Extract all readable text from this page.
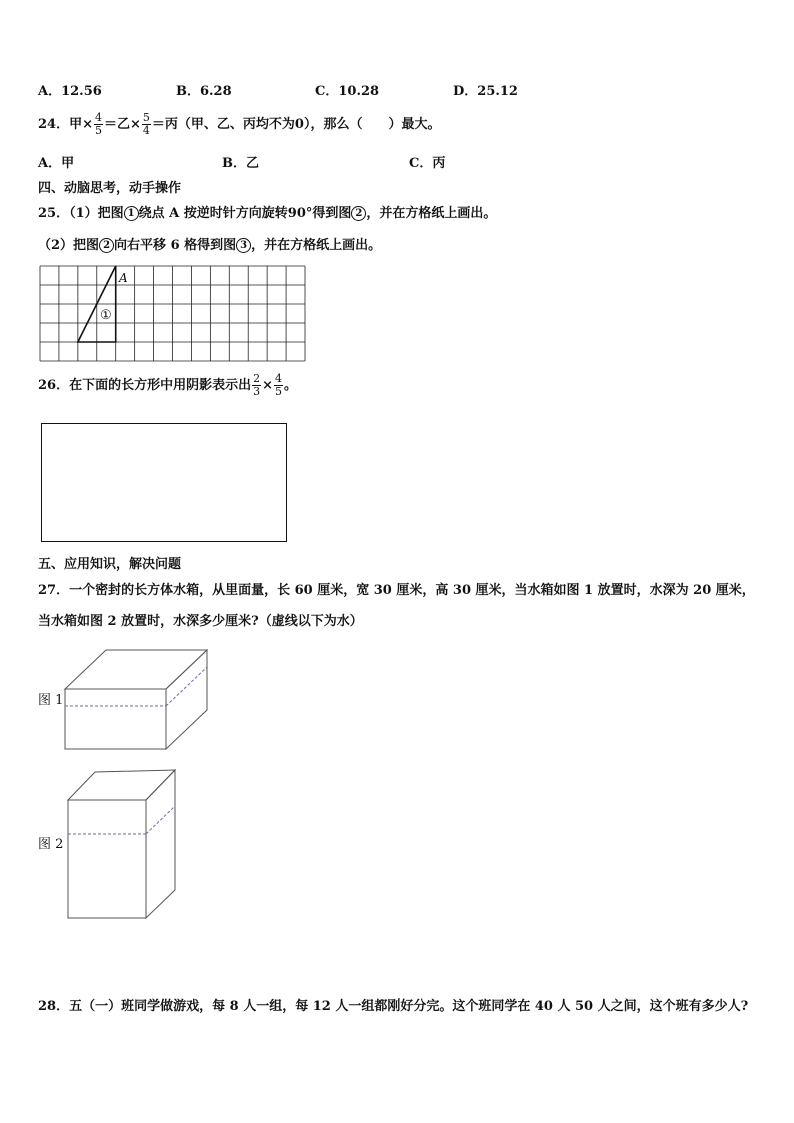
A．12.56	B．6.28	C．10.28	D．25.12
24．甲× $\frac{4}{5}$ ＝乙× $\frac{5}{4}$ ＝丙（甲、乙、丙均不为0），那么（　　）最大。
A．甲	B．乙	C．丙
四、动脑思考，动手操作
25．（1）把图 1 绕点 A 按逆时针方向旋转90°得到图 2 ，并在方格纸上画出。
（2）把图 2 向右平移 6 格得到图 3 ，并在方格纸上画出。
A
①
26．在下面的长方形中用阴影表示出 $\frac{2}{3} \times \frac{4}{5}$ 。
五、应用知识，解决问题
27．一个密封的长方体水箱，从里面量，长 60 厘米，宽 30 厘米，高 30 厘米，当水箱如图 1 放置时，水深为 20 厘米，
当水箱如图 2 放置时，水深多少厘米?（虚线以下为水）
图 1
图 2
28．五（一）班同学做游戏，每 8 人一组，每 12 人一组都刚好分完。这个班同学在 40 人 50 人之间，这个班有多少人?
